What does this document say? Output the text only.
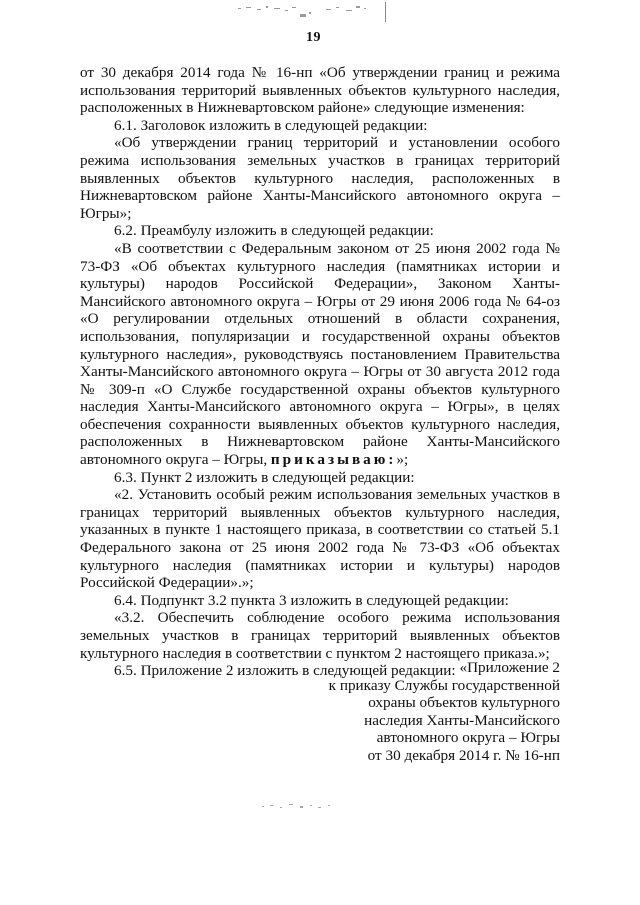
19

от 30 декабря 2014 года № 16-нп «Об утверждении границ и режима использования территорий выявленных объектов культурного наследия, расположенных в Нижневартовском районе» следующие изменения:

6.1. Заголовок изложить в следующей редакции:

«Об утверждении границ территорий и установлении особого режима использования земельных участков в границах территорий выявленных объектов культурного наследия, расположенных в Нижневартовском районе Ханты-Мансийского автономного округа – Югры»;

6.2. Преамбулу изложить в следующей редакции:

«В соответствии с Федеральным законом от 25 июня 2002 года № 73-ФЗ «Об объектах культурного наследия (памятниках истории и культуры) народов Российской Федерации», Законом Ханты-Мансийского автономного округа – Югры от 29 июня 2006 года № 64-оз «О регулировании отдельных отношений в области сохранения, использования, популяризации и государственной охраны объектов культурного наследия», руководствуясь постановлением Правительства Ханты-Мансийского автономного округа – Югры от 30 августа 2012 года № 309-п «О Службе государственной охраны объектов культурного наследия Ханты-Мансийского автономного округа – Югры», в целях обеспечения сохранности выявленных объектов культурного наследия, расположенных в Нижневартовском районе Ханты-Мансийского автономного округа – Югры, приказываю:»;

6.3. Пункт 2 изложить в следующей редакции:

«2. Установить особый режим использования земельных участков в границах территорий выявленных объектов культурного наследия, указанных в пункте 1 настоящего приказа, в соответствии со статьей 5.1 Федерального закона от 25 июня 2002 года № 73-ФЗ «Об объектах культурного наследия (памятниках истории и культуры) народов Российской Федерации».»;

6.4. Подпункт 3.2 пункта 3 изложить в следующей редакции:

«3.2. Обеспечить соблюдение особого режима использования земельных участков в границах территорий выявленных объектов культурного наследия в соответствии с пунктом 2 настоящего приказа.»;

6.5. Приложение 2 изложить в следующей редакции: «Приложение 2
к приказу Службы государственной
охраны объектов культурного
наследия Ханты-Мансийского
автономного округа – Югры
от 30 декабря 2014 г. № 16-нп
